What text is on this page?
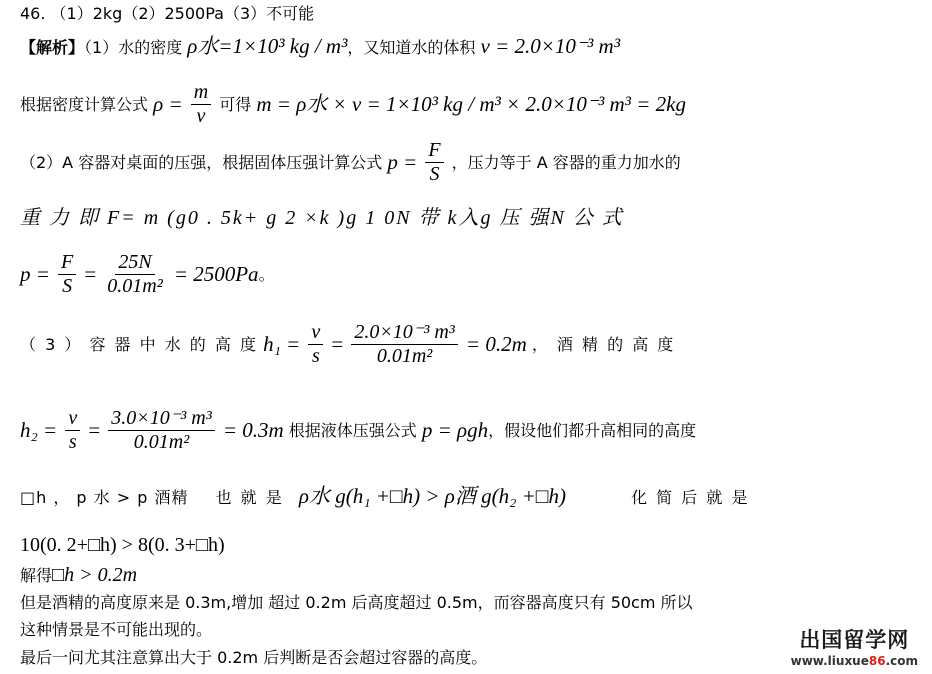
46. （1）2kg（2）2500Pa（3）不可能
【解析】（1）水的密度 ρ水=1×10³ kg / m³，又知道水的体积 v = 2.0×10⁻³ m³
根据密度计算公式 $\rho = \frac{m}{v}$ 可得 m = ρ水 × v = 1×10³ kg / m³ × 2.0×10⁻³ m³ = 2kg
（2）A 容器对桌面的压强，根据固体压强计算公式 $p = \frac{F}{S}$ ，压力等于 A 容器的重力加水的
重 力 即 F= m (g0 . 5k+ g 2 ×k )g 1 0N 带 k入g 压 强N 公 式
$p = \frac{F}{S} = \frac{25N}{\text{0.01m²}} = 2500Pa$。
（ 3 ） 容 器 中 水 的 高 度 $h_1 = \frac{v}{s} = \frac{\text{2.0×10⁻³ m³}}{\text{0.01m²}} = 0.2m$ ， 酒 精 的 高 度
$h_2 = \frac{v}{s} = \frac{\text{3.0×10⁻³ m³}}{\text{0.01m²}} = 0.3m$ 根据液体压强公式 p = ρgh，假设他们都升高相同的高度
□h ， p 水 > p 酒精 也 就 是 ρ水 g(h₁ +□h) > ρ酒 g(h₂ +□h)	化 简 后 就 是
10(0. 2+□h) > 8(0. 3+□h)
解得□h > 0.2m
但是酒精的高度原来是 0.3m,增加 超过 0.2m 后高度超过 0.5m，而容器高度只有 50cm 所以
这种情景是不可能出现的。
最后一问尤其注意算出大于 0.2m 后判断是否会超过容器的高度。
出国留学网
www.liuxue86.com
